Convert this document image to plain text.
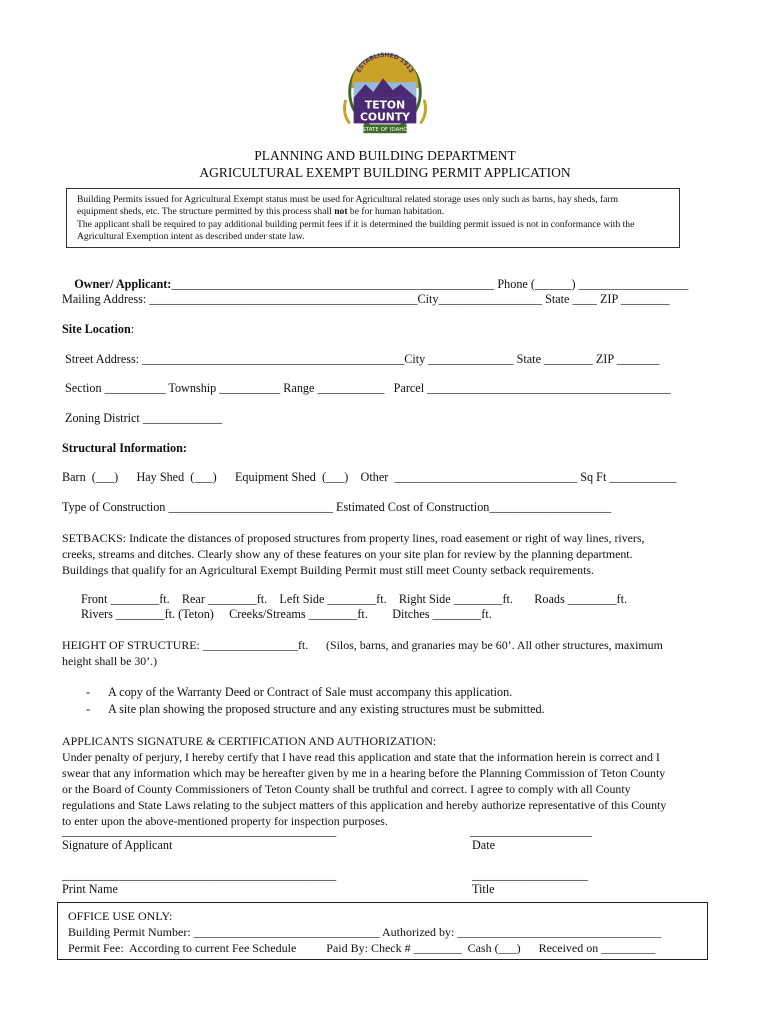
ESTABLISHED 1913
TETON
COUNTY
STATE OF IDAHO
PLANNING AND BUILDING DEPARTMENT
AGRICULTURAL EXEMPT BUILDING PERMIT APPLICATION
Building Permits issued for Agricultural Exempt status must be used for Agricultural related storage uses only such as barns, hay sheds, farm
equipment sheds, etc. The structure permitted by this process shall not be for human habitation.
The applicant shall be required to pay additional building permit fees if it is determined the building permit issued is not in conformance with the
Agricultural Exemption intent as described under state law.

Owner/ Applicant:_____________________________________________________ Phone (______) __________________

Mailing Address: ____________________________________________City_________________ State ____ ZIP ________
Site Location:
Street Address: ___________________________________________City ______________ State ________ ZIP _______
Section __________ Township __________ Range ___________   Parcel ________________________________________
Zoning District _____________
Structural Information:
Barn  (___)      Hay Shed  (___)      Equipment Shed  (___)    Other  ______________________________ Sq Ft ___________
Type of Construction ___________________________ Estimated Cost of Construction____________________
SETBACKS: Indicate the distances of proposed structures from property lines, road easement or right of way lines, rivers,
creeks, streams and ditches. Clearly show any of these features on your site plan for review by the planning department.
Buildings that qualify for an Agricultural Exempt Building Permit must still meet County setback requirements.
Front ________ft.    Rear ________ft.    Left Side ________ft.    Right Side ________ft.       Roads ________ft.
Rivers ________ft. (Teton)     Creeks/Streams ________ft.        Ditches ________ft.
HEIGHT OF STRUCTURE: ________________ft.      (Silos, barns, and granaries may be 60’. All other structures, maximum
height shall be 30’.)
- A copy of the Warranty Deed or Contract of Sale must accompany this application.
- A site plan showing the proposed structure and any existing structures must be submitted.
APPLICANTS SIGNATURE & CERTIFICATION AND AUTHORIZATION:
Under penalty of perjury, I hereby certify that I have read this application and state that the information herein is correct and I
swear that any information which may be hereafter given by me in a hearing before the Planning Commission of Teton County
or the Board of County Commissioners of Teton County shall be truthful and correct. I agree to comply with all County
regulations and State Laws relating to the subject matters of this application and hereby authorize representative of this County
to enter upon the above-mentioned property for inspection purposes.
_____________________________________________
Signature of Applicant
____________________
Date
_____________________________________________
Print Name
___________________
Title
OFFICE USE ONLY:
Building Permit Number: _______________________________ Authorized by: __________________________________
Permit Fee:  According to current Fee Schedule          Paid By: Check # ________  Cash (___)      Received on _________
